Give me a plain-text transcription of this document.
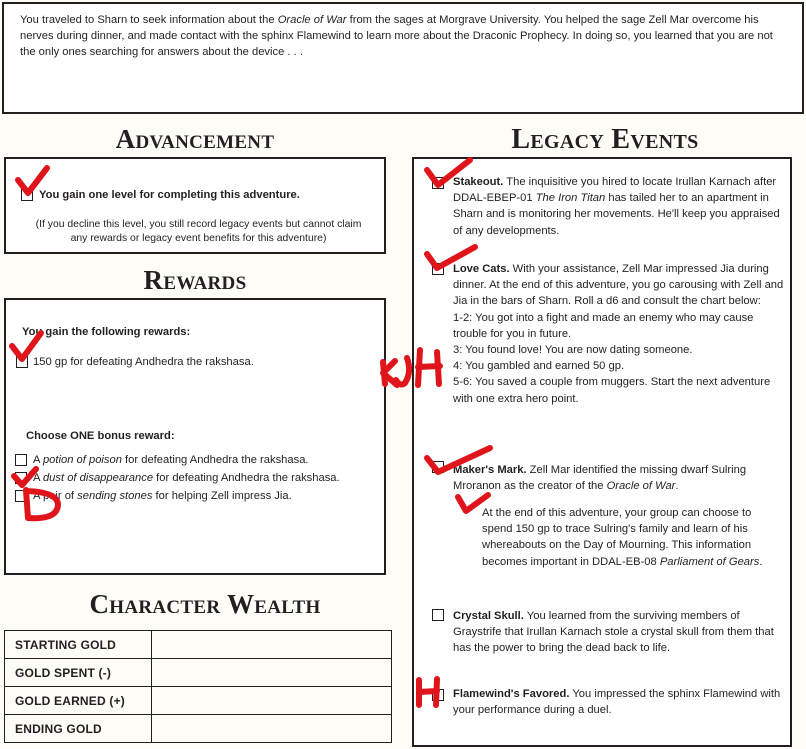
You traveled to Sharn to seek information about the Oracle of War from the sages at Morgrave University. You helped the sage Zell Mar overcome his nerves during dinner, and made contact with the sphinx Flamewind to learn more about the Draconic Prophecy. In doing so, you learned that you are not the only ones searching for answers about the device . . .
Advancement
Rewards
Character Wealth
Legacy Events
You gain one level for completing this adventure.
(If you decline this level, you still record legacy events but cannot claim any rewards or legacy event benefits for this adventure)
You gain the following rewards:
150 gp for defeating Andhedra the rakshasa.
Choose ONE bonus reward:
A potion of poison for defeating Andhedra the rakshasa.
A dust of disappearance for defeating Andhedra the rakshasa.
A pair of sending stones for helping Zell impress Jia.
STARTING GOLD	
GOLD SPENT (-)	
GOLD EARNED (+)	
ENDING GOLD	
Stakeout. The inquisitive you hired to locate Irullan Karnach after DDAL-EBEP-01 The Iron Titan has tailed her to an apartment in Sharn and is monitoring her movements. He'll keep you appraised of any developments.
Love Cats. With your assistance, Zell Mar impressed Jia during dinner. At the end of this adventure, you go carousing with Zell and Jia in the bars of Sharn. Roll a d6 and consult the chart below:
1-2: You got into a fight and made an enemy who may cause trouble for you in future.
3: You found love! You are now dating someone.
4: You gambled and earned 50 gp.
5-6: You saved a couple from muggers. Start the next adventure with one extra hero point.
Maker's Mark. Zell Mar identified the missing dwarf Sulring Mroranon as the creator of the Oracle of War.
At the end of this adventure, your group can choose to spend 150 gp to trace Sulring's family and learn of his whereabouts on the Day of Mourning. This information becomes important in DDAL-EB-08 Parliament of Gears.
Crystal Skull. You learned from the surviving members of Graystrife that Irullan Karnach stole a crystal skull from them that has the power to bring the dead back to life.
Flamewind's Favored. You impressed the sphinx Flamewind with your performance during a duel.
